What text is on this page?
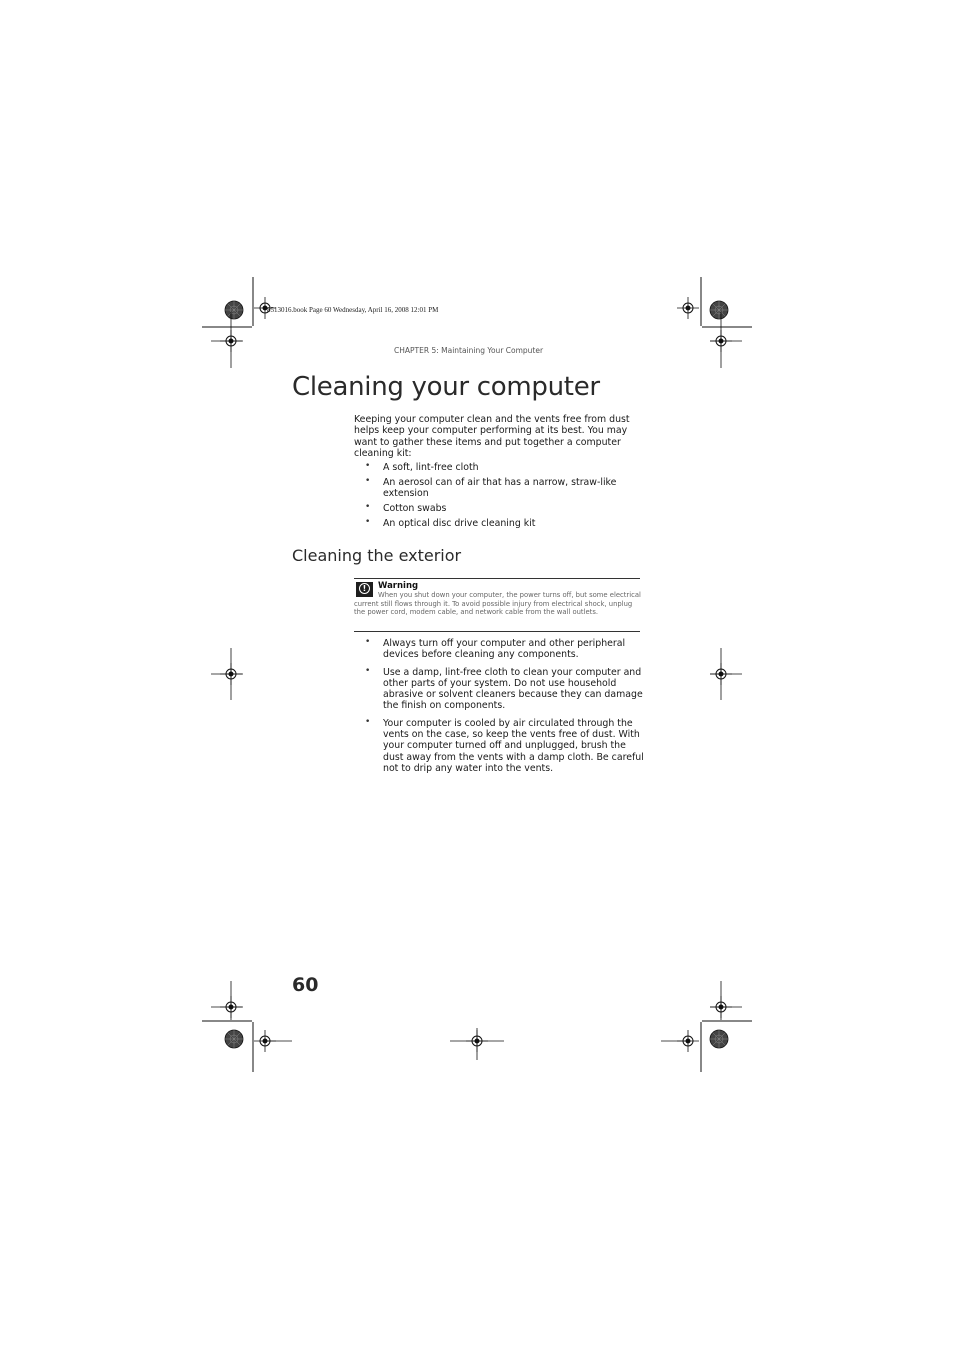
8513016.book Page 60 Wednesday, April 16, 2008 12:01 PM
CHAPTER 5: Maintaining Your Computer
Cleaning your computer

Keeping your computer clean and the vents free from dust helps keep your computer performing at its best. You may want to gather these items and put together a computer cleaning kit:

• A soft, lint-free cloth
• An aerosol can of air that has a narrow, straw-like extension
• Cotton swabs
• An optical disc drive cleaning kit
Cleaning the exterior
!	Warning

When you shut down your computer, the power turns off, but some electrical current still flows through it. To avoid possible injury from electrical shock, unplug the power cord, modem cable, and network cable from the wall outlets.

• Always turn off your computer and other peripheral devices before cleaning any components.
• Use a damp, lint-free cloth to clean your computer and other parts of your system. Do not use household abrasive or solvent cleaners because they can damage the finish on components.
• Your computer is cooled by air circulated through the vents on the case, so keep the vents free of dust. With your computer turned off and unplugged, brush the dust away from the vents with a damp cloth. Be careful not to drip any water into the vents.
60
